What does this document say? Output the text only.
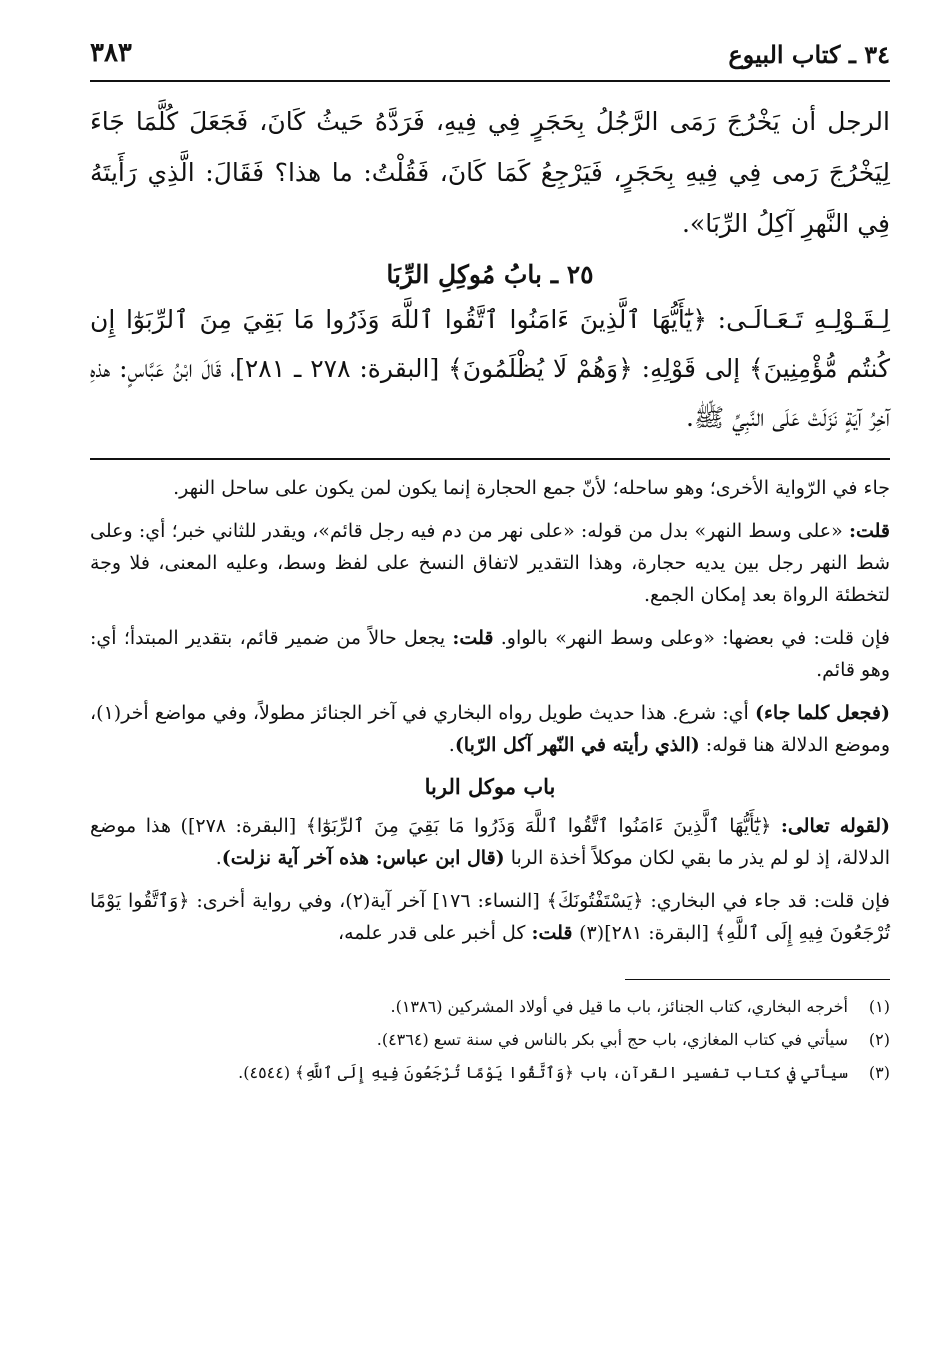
٣٤ ـ كتاب البيوع
٣٨٣

الرجل أن يَخْرُجَ رَمَى الرَّجُلُ بِحَجَرٍ فِي فِيهِ، فَرَدَّهُ حَيثُ كَانَ، فَجَعَلَ كُلَّمَا جَاءَ لِيَخْرُجَ رَمى فِي فِيهِ بِحَجَرٍ، فَيَرْجِعُ كَمَا كَانَ، فَقُلْتُ: ما هذا؟ فَقَالَ: الَّذِي رَأَيتَهُ فِي النَّهرِ آكِلُ الرِّبَا».

٢٥ ـ بابُ مُوكِلِ الرِّبَا

لِـقَـوْلِـهِ تَـعَـالَـى: ﴿يَٰٓأَيُّهَا ٱلَّذِينَ ءَامَنُوا ٱتَّقُوا ٱللَّهَ وَذَرُوا مَا بَقِيَ مِنَ ٱلرِّبَوٰٓا إِن كُنتُم مُّؤْمِنِينَ﴾ إلى قَوْلِهِ: ﴿وَهُمْ لَا يُظْلَمُونَ﴾ [البقرة: ٢٧٨ ـ ٢٨١]، قَالَ ابْنُ عَبَّاسٍ: هذهِ آخِرُ آيَةٍ نَزَلَتْ عَلَى النَّبِيِّ ﷺ.

جاء في الرّواية الأخرى؛ وهو ساحله؛ لأنّ جمع الحجارة إنما يكون لمن يكون على ساحل النهر.

قلت: «على وسط النهر» بدل من قوله: «على نهر من دم فيه رجل قائم»، ويقدر للثاني خبر؛ أي: وعلى شط النهر رجل بين يديه حجارة، وهذا التقدير لاتفاق النسخ على لفظ وسط، وعليه المعنى، فلا وجة لتخطئة الرواة بعد إمكان الجمع.

فإن قلت: في بعضها: «وعلى وسط النهر» بالواو. قلت: يجعل حالاً من ضمير قائم، بتقدير المبتدأ؛ أي: وهو قائم.

(فجعل كلما جاء) أي: شرع. هذا حديث طويل رواه البخاري في آخر الجنائز مطولاً، وفي مواضع أخر(١)، وموضع الدلالة هنا قوله: (الذي رأيته في النّهر آكل الرّبا).

باب موكل الربا

(لقوله تعالى: ﴿يَٰٓأَيُّهَا ٱلَّذِينَ ءَامَنُوا ٱتَّقُوا ٱللَّهَ وَذَرُوا مَا بَقِيَ مِنَ ٱلرِّبَوٰٓا﴾ [البقرة: ٢٧٨]) هذا موضع الدلالة، إذ لو لم يذر ما بقي لكان موكلاً أخذة الربا (قال ابن عباس: هذه آخر آية نزلت).

فإن قلت: قد جاء في البخاري: ﴿يَسْتَفْتُونَكَ﴾ [النساء: ١٧٦] آخر آية(٢)، وفي رواية أخرى: ﴿وَٱتَّقُوا يَوْمًا تُرْجَعُونَ فِيهِ إِلَى ٱللَّهِ﴾ [البقرة: ٢٨١](٣) قلت: كل أخبر على قدر علمه،

(١)
أخرجه البخاري، كتاب الجنائز، باب ما قيل في أولاد المشركين (١٣٨٦).
(٢)
سيأتي في كتاب المغازي، باب حج أبي بكر بالناس في سنة تسع (٤٣٦٤).
(٣)
سيأتي في كتاب تفسير القرآن، باب ﴿وَٱتَّقُوا يَوْمًا تُرْجَعُونَ فِيهِ إِلَى ٱللَّهِ﴾ (٤٥٤٤).
